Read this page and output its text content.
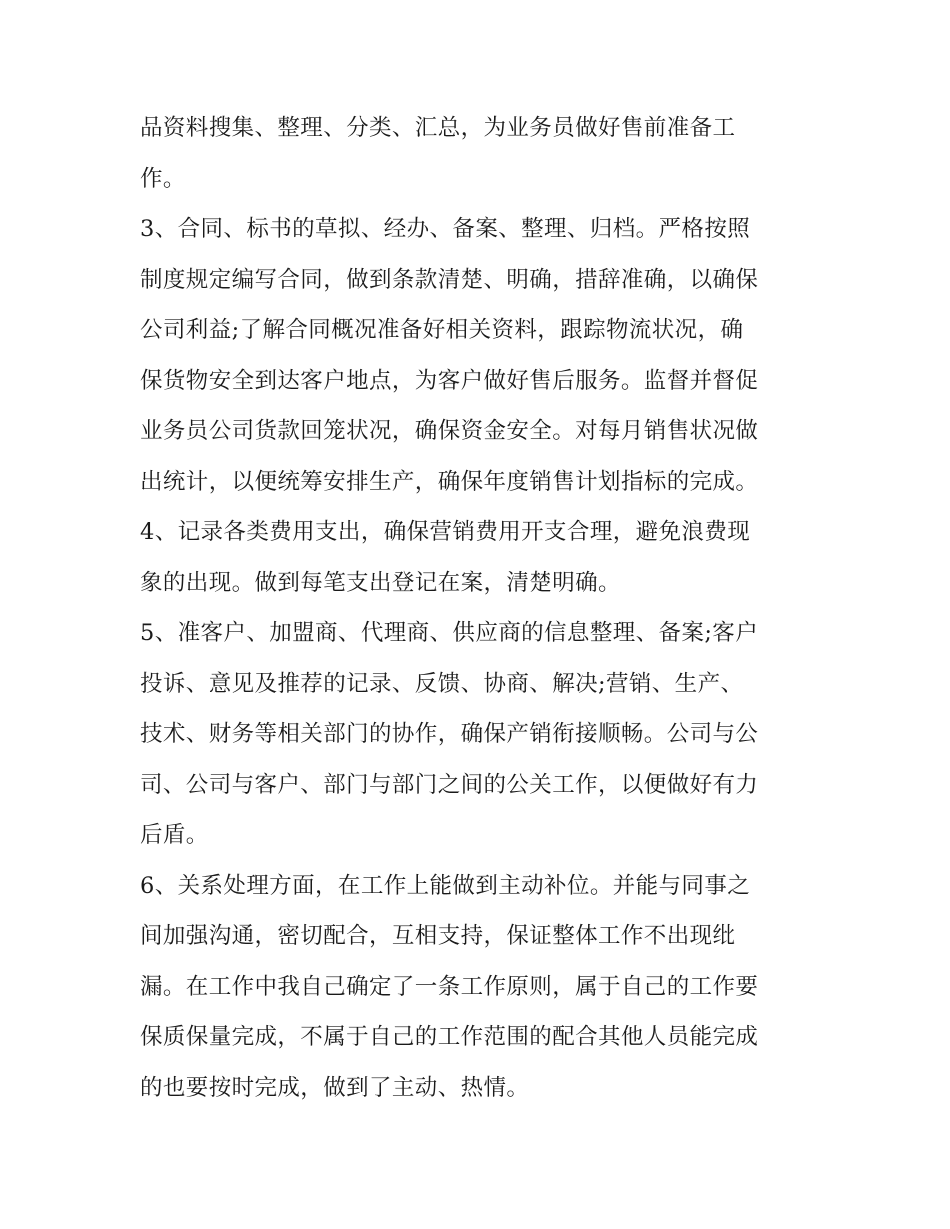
品资料搜集、整理、分类、汇总，为业务员做好售前准备工
作。
3、合同、标书的草拟、经办、备案、整理、归档。严格按照
制度规定编写合同，做到条款清楚、明确，措辞准确，以确保
公司利益;了解合同概况准备好相关资料，跟踪物流状况，确
保货物安全到达客户地点，为客户做好售后服务。监督并督促
业务员公司货款回笼状况，确保资金安全。对每月销售状况做
出统计，以便统筹安排生产，确保年度销售计划指标的完成。
4、记录各类费用支出，确保营销费用开支合理，避免浪费现
象的出现。做到每笔支出登记在案，清楚明确。
5、准客户、加盟商、代理商、供应商的信息整理、备案;客户
投诉、意见及推荐的记录、反馈、协商、解决;营销、生产、
技术、财务等相关部门的协作，确保产销衔接顺畅。公司与公
司、公司与客户、部门与部门之间的公关工作，以便做好有力
后盾。
6、关系处理方面，在工作上能做到主动补位。并能与同事之
间加强沟通，密切配合，互相支持，保证整体工作不出现纰
漏。在工作中我自己确定了一条工作原则，属于自己的工作要
保质保量完成，不属于自己的工作范围的配合其他人员能完成
的也要按时完成，做到了主动、热情。
